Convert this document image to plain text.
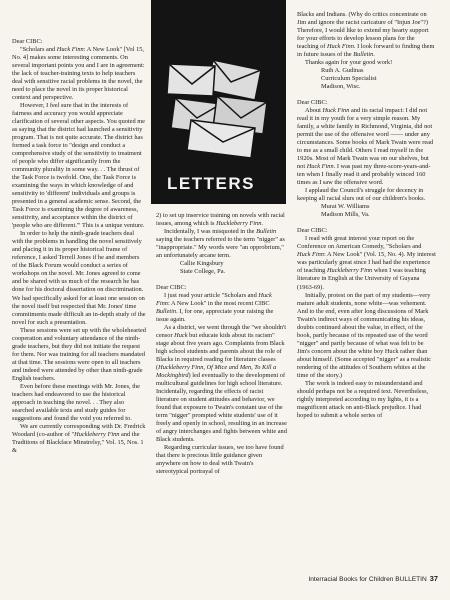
Dear CIBC:

"Scholars and Huck Finn: A New Look" [Vol 15, No. 4] makes some interesting comments. On several important points you and I are in agreement: the lack of teacher-training texts to help teachers deal with sensitive racial problems in the novel, the need to place the novel in its proper historical context and perspective.

However, I feel sure that in the interests of fairness and accuracy you would appreciate clarification of several other aspects. You quoted me as saying that the district had launched a sensitivity program. That is not quite accurate. The district has formed a task force to "design and conduct a comprehensive study of the sensitivity to treatment of people who differ significantly from the community plurality in some way. . . The thrust of the Task Force is twofold. One, the Task Force is examining the ways in which knowledge of and sensitivity to 'different' individuals and groups is presented in a general academic sense. Second, the Task Force is examining the degree of awareness, sensitivity, and acceptance within the district of 'people who are different.'" This is a unique venture.

In order to help the ninth-grade teachers deal with the problems in handling the novel sensitively and placing it in its proper historical frame of reference, I asked Terrell Jones if he and members of the Black Forum would conduct a series of workshops on the novel. Mr. Jones agreed to come and be shared with us much of the research he has done for his doctoral dissertation on discrimination. We had specifically asked for at least one session on the novel itself but respected that Mr. Jones' time commitments made difficult an in-depth study of the novel for such a presentation.

These sessions were set up with the wholehearted cooperation and voluntary attendance of the ninth-grade teachers, but they did not initiate the request for them. Nor was training for all teachers mandated at that time. The sessions were open to all teachers and indeed were attended by other than ninth-grade English teachers.

Even before these meetings with Mr. Jones, the teachers had endeavored to use the historical approach in teaching the novel. . . They also searched available texts and study guides for suggestions and found the void you referred to.

We are currently corresponding with Dr. Fredrick Woodard (co-author of "Huckleberry Finn and the Traditions of Blackface Minstrelsy," Vol. 15, Nos. 1 &

LETTERS

2) to set up inservice training on novels with racial issues, among which is Huckleberry Finn.

Incidentally, I was misquoted in the Bulletin saying the teachers referred to the term "nigger" as "inappropriate." My words were "an opprobrium," an unfortunately arcane term.

Callie Kingsbury

State College, Pa.

Dear CIBC:

I just read your article "Scholars and Huck Finn: A New Look" in the most recent CIBC Bulletin. I, for one, appreciate your raising the issue again.

As a district, we went through the "we shouldn't censor Huck but educate kids about its racism" stage about five years ago. Complaints from Black high school students and parents about the role of Blacks in required reading for literature classes (Huckleberry Finn, Of Mice and Men, To Kill a Mockingbird) led eventually to the development of multicultural guidelines for high school literature. Incidentally, regarding the effects of racist literature on student attitudes and behavior, we found that exposure to Twain's constant use of the term "nigger" prompted white students' use of it freely and openly in school, resulting in an increase of angry interchanges and fights between white and Black students.

Regarding curricular issues, we too have found that there is precious little guidance given anywhere on how to deal with Twain's stereotypical portrayal of

Blacks and Indians. (Why do critics concentrate on Jim and ignore the racist caricature of "Injun Joe"?) Therefore, I would like to extend my hearty support for your efforts to develop lesson plans for the teaching of Huck Finn. I look forward to finding them in future issues of the Bulletin.

Thanks again for your good work!

Ruth A. Gudinas

Curriculum Specialist

Madison, Wisc.

Dear CIBC:

About Huck Finn and its racial impact: I did not read it in my youth for a very simple reason. My family, a white family in Richmond, Virginia, did not permit the use of the offensive word —— under any circumstances. Some books of Mark Twain were read to me as a small child. Others I read myself in the 1920s. Most of Mark Twain was on our shelves, but not Huck Finn. I was past my three-score-years-and-ten when I finally read it and probably winced 160 times as I saw the offensive word.

I applaud the Council's struggle for decency in keeping all racial slurs out of our children's books.

Murat W. Williams

Madison Mills, Va.

Dear CIBC:

I read with great interest your report on the Conference on American Comedy, "Scholars and Huck Finn: A New Look" (Vol. 15, No. 4). My interest was particularly great since I had had the experience of teaching Huckleberry Finn when I was teaching literature in English at the University of Guyana (1963-69).

Initially, protest on the part of my students—very mature adult students, none white—was vehement. And to the end, even after long discussions of Mark Twain's indirect ways of communicating his ideas, doubts continued about the value, in effect, of the book, partly because of its repeated use of the word "nigger" and partly because of what was felt to be Jim's concern about the white boy Huck rather than about himself. (Some accepted "nigger" as a realistic rendering of the attitudes of Southern whites at the time of the story.)

The work is indeed easy to misunderstand and should perhaps not be a required text. Nevertheless, rightly interpreted according to my lights, it is a magnificent attack on anti-Black prejudice. I had hoped to submit a whole series of

Interracial Books for Children BULLETIN 37
